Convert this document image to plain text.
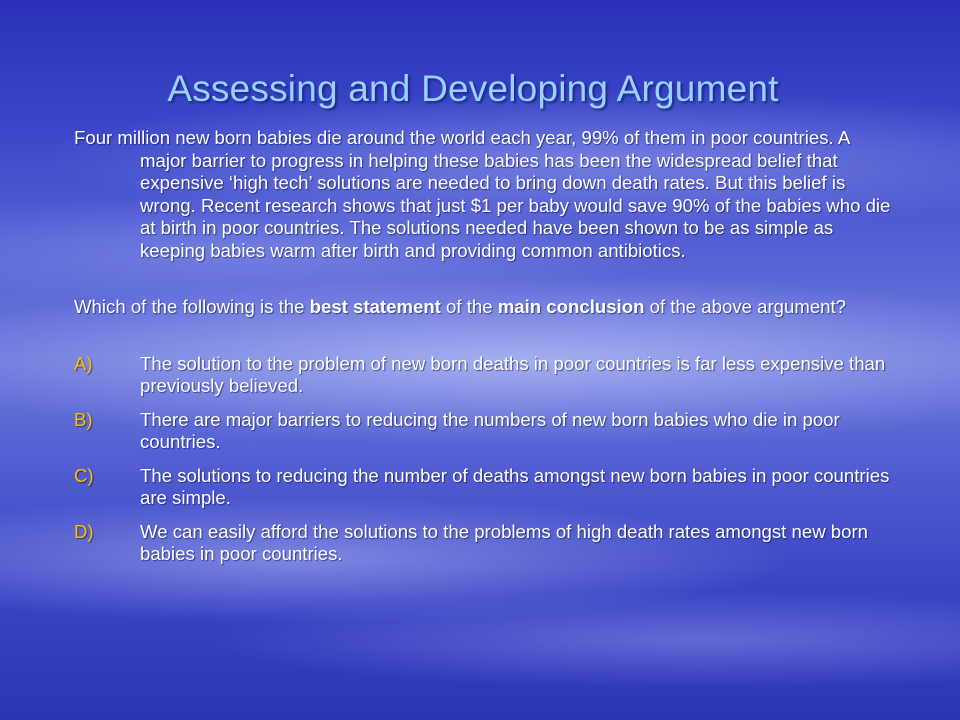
Assessing and Developing Argument

Four million new born babies die around the world each year, 99% of them in poor countries. A major barrier to progress in helping these babies has been the widespread belief that expensive ‘high tech’ solutions are needed to bring down death rates. But this belief is wrong. Recent research shows that just $1 per baby would save 90% of the babies who die at birth in poor countries. The solutions needed have been shown to be as simple as keeping babies warm after birth and providing common antibiotics.

Which of the following is the best statement of the main conclusion of the above argument?

A)	The solution to the problem of new born deaths in poor countries is far less expensive than previously believed.
B)	There are major barriers to reducing the numbers of new born babies who die in poor countries.
C)	The solutions to reducing the number of deaths amongst new born babies in poor countries are simple.
D)	We can easily afford the solutions to the problems of high death rates amongst new born babies in poor countries.
